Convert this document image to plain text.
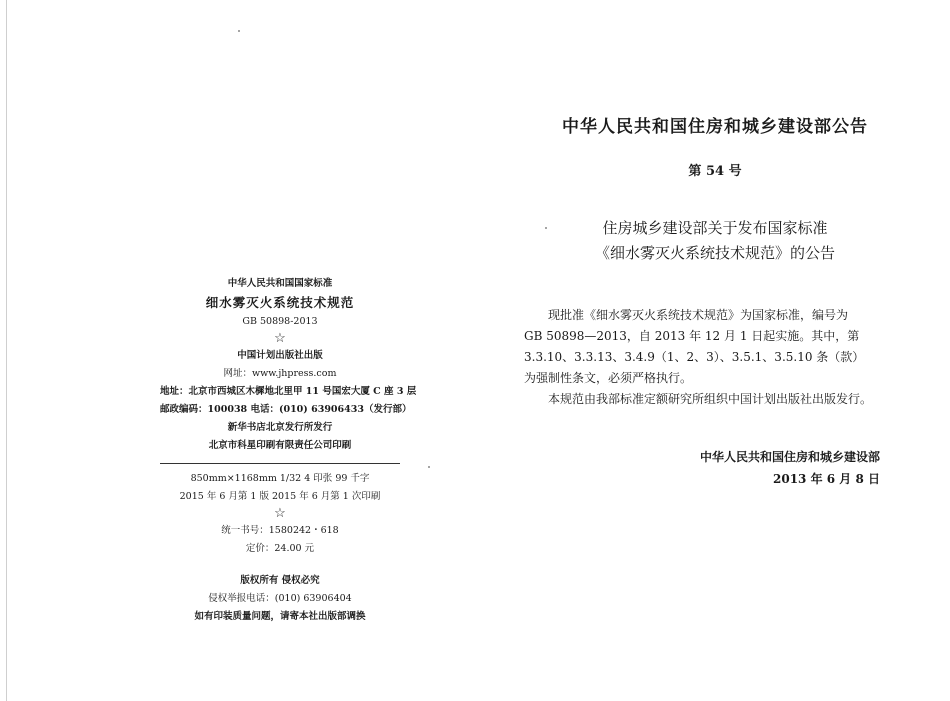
中华人民共和国国家标准
细水雾灭火系统技术规范
GB 50898-2013
☆
中国计划出版社出版
网址：www.jhpress.com
地址：北京市西城区木樨地北里甲 11 号国宏大厦 C 座 3 层
邮政编码：100038 电话：(010) 63906433（发行部）
新华书店北京发行所发行
北京市科星印刷有限责任公司印刷
850mm×1168mm 1/32 4 印张 99 千字
2015 年 6 月第 1 版 2015 年 6 月第 1 次印刷
☆
统一书号：1580242・618
定价：24.00 元
版权所有 侵权必究
侵权举报电话：(010) 63906404
如有印装质量问题，请寄本社出版部调换
中华人民共和国住房和城乡建设部公告
第 54 号
住房城乡建设部关于发布国家标准
《细水雾灭火系统技术规范》的公告
现批准《细水雾灭火系统技术规范》为国家标准，编号为
GB 50898—2013，自 2013 年 12 月 1 日起实施。其中，第
3.3.10、3.3.13、3.4.9（1、2、3）、3.5.1、3.5.10 条（款）
为强制性条文，必须严格执行。
本规范由我部标准定额研究所组织中国计划出版社出版发行。
中华人民共和国住房和城乡建设部
2013 年 6 月 8 日
